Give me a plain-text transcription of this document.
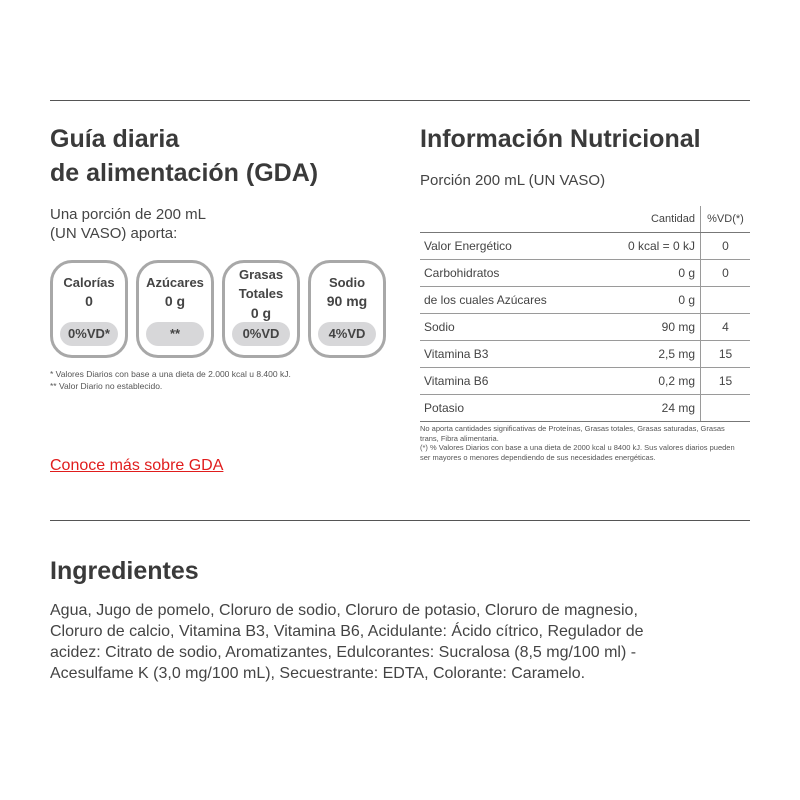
Guía diaria
de alimentación (GDA)
Una porción de 200 mL
(UN VASO) aporta:
Calorías
0
0%VD*
Azúcares
0 g
**
Grasas
Totales
0 g
0%VD
Sodio
90 mg
4%VD
* Valores Diarios con base a una dieta de 2.000 kcal u 8.400 kJ.
** Valor Diario no establecido.
Conoce más sobre GDA
Información Nutricional
Porción 200 mL (UN VASO)
	Cantidad	%VD(*)
Valor Energético	0 kcal = 0 kJ	0
Carbohidratos	0 g	0
de los cuales Azúcares	0 g	
Sodio	90 mg	4
Vitamina B3	2,5 mg	15
Vitamina B6	0,2 mg	15
Potasio	24 mg	
No aporta cantidades significativas de Proteínas, Grasas totales, Grasas saturadas, Grasas trans, Fibra alimentaria.
(*) % Valores Diarios con base a una dieta de 2000 kcal u 8400 kJ. Sus valores diarios pueden ser mayores o menores dependiendo de sus necesidades energéticas.
Ingredientes
Agua, Jugo de pomelo, Cloruro de sodio, Cloruro de potasio, Cloruro de magnesio,
Cloruro de calcio, Vitamina B3, Vitamina B6, Acidulante: Ácido cítrico, Regulador de
acidez: Citrato de sodio, Aromatizantes, Edulcorantes: Sucralosa (8,5 mg/100 ml) -
Acesulfame K (3,0 mg/100 mL), Secuestrante: EDTA, Colorante: Caramelo.
